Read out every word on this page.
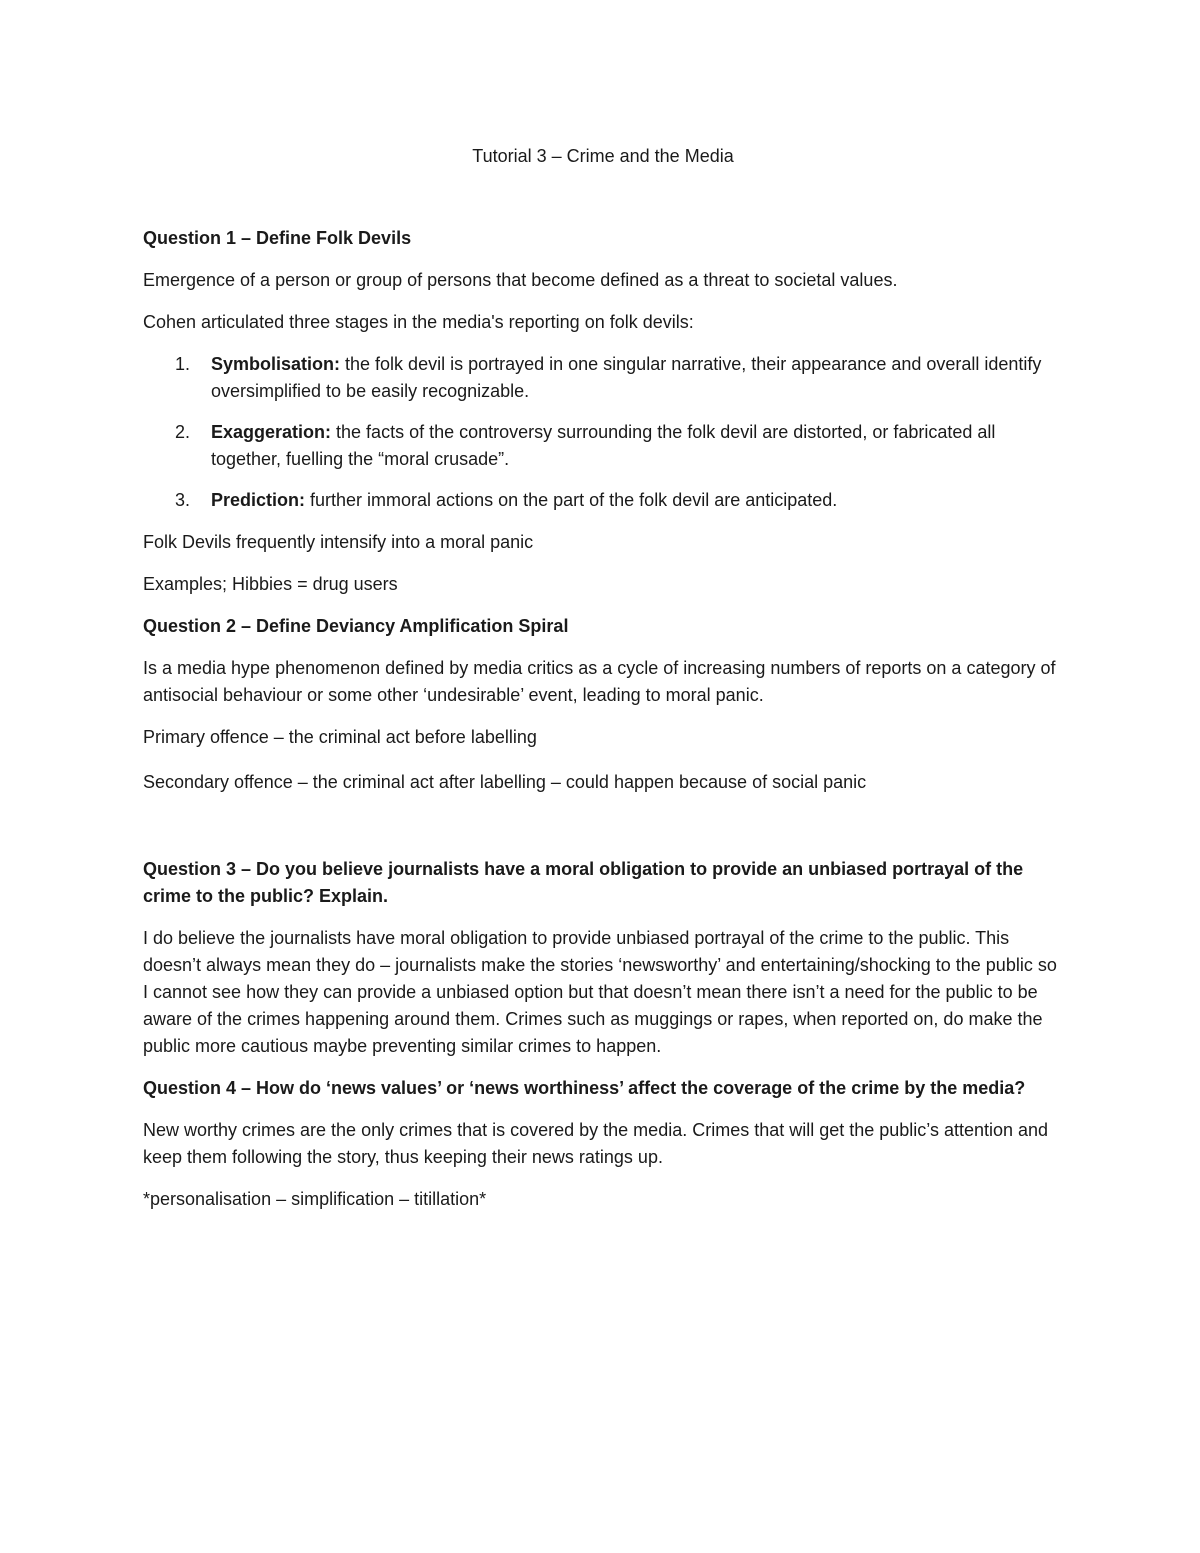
Tutorial 3 – Crime and the Media

Question 1 – Define Folk Devils

Emergence of a person or group of persons that become defined as a threat to societal values.

Cohen articulated three stages in the media's reporting on folk devils:

1. Symbolisation: the folk devil is portrayed in one singular narrative, their appearance and overall identify oversimplified to be easily recognizable.
2. Exaggeration: the facts of the controversy surrounding the folk devil are distorted, or fabricated all together, fuelling the “moral crusade”.
3. Prediction: further immoral actions on the part of the folk devil are anticipated.

Folk Devils frequently intensify into a moral panic

Examples; Hibbies = drug users

Question 2 – Define Deviancy Amplification Spiral

Is a media hype phenomenon defined by media critics as a cycle of increasing numbers of reports on a category of antisocial behaviour or some other ‘undesirable’ event, leading to moral panic.

Primary offence – the criminal act before labelling

Secondary offence – the criminal act after labelling – could happen because of social panic

Question 3 – Do you believe journalists have a moral obligation to provide an unbiased portrayal of the crime to the public? Explain.

I do believe the journalists have moral obligation to provide unbiased portrayal of the crime to the public. This doesn’t always mean they do – journalists make the stories ‘newsworthy’ and entertaining/shocking to the public so I cannot see how they can provide a unbiased option but that doesn’t mean there isn’t a need for the public to be aware of the crimes happening around them. Crimes such as muggings or rapes, when reported on, do make the public more cautious maybe preventing similar crimes to happen.

Question 4 – How do ‘news values’ or ‘news worthiness’ affect the coverage of the crime by the media?

New worthy crimes are the only crimes that is covered by the media. Crimes that will get the public’s attention and keep them following the story, thus keeping their news ratings up.

*personalisation – simplification – titillation*
